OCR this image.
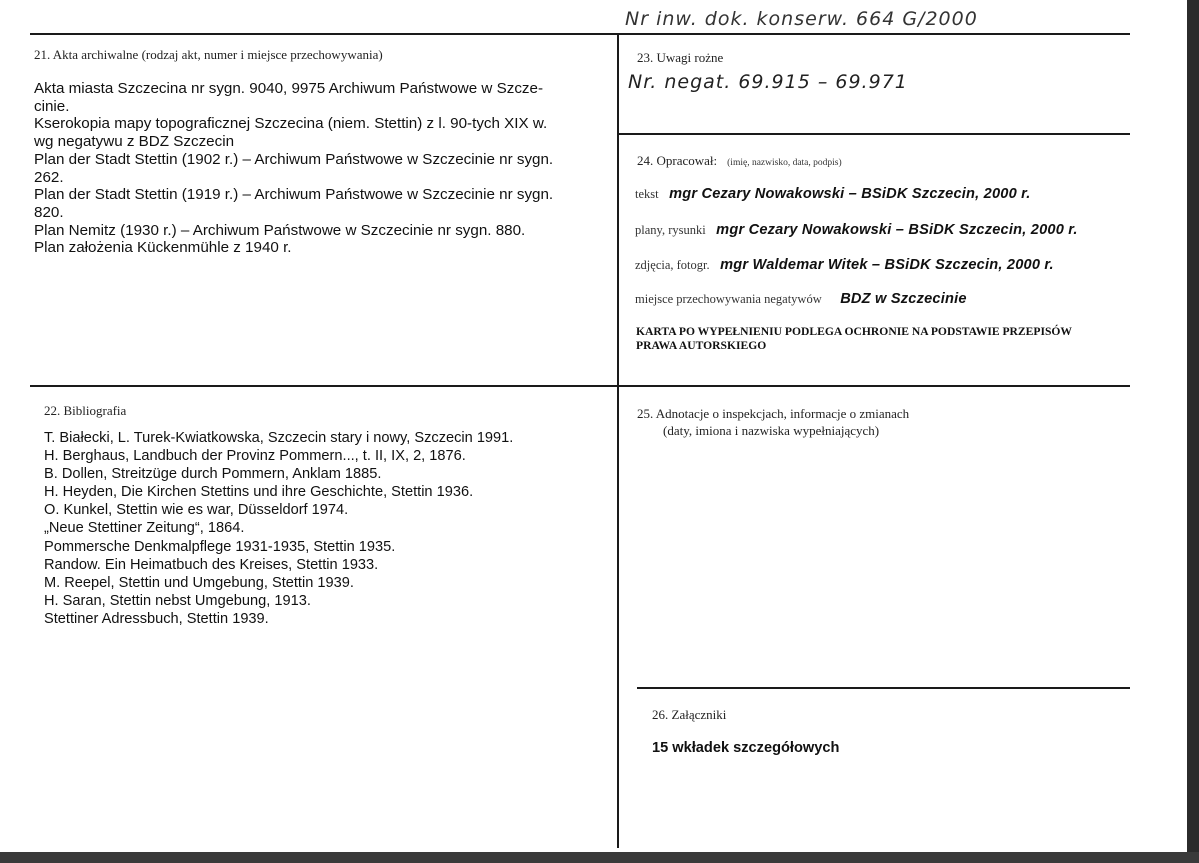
Nr inw. dok. konserw. 664 G/2000
21. Akta archiwalne (rodzaj akt, numer i miejsce przechowywania)
Akta miasta Szczecina nr sygn. 9040, 9975 Archiwum Państwowe w Szcze-
cinie.
Kserokopia mapy topograficznej Szczecina (niem. Stettin) z l. 90-tych XIX w.
wg negatywu z BDZ Szczecin
Plan der Stadt Stettin (1902 r.) – Archiwum Państwowe w Szczecinie nr sygn.
262.
Plan der Stadt Stettin (1919 r.) – Archiwum Państwowe w Szczecinie nr sygn.
820.
Plan Nemitz (1930 r.) – Archiwum Państwowe w Szczecinie nr sygn. 880.
Plan założenia Kückenmühle z 1940 r.
23. Uwagi rożne
Nr. negat. 69.915 – 69.971
24. Opracował: (imię, nazwisko, data, podpis)
tekst mgr Cezary Nowakowski – BSiDK Szczecin, 2000 r.
plany, rysunki mgr Cezary Nowakowski – BSiDK Szczecin, 2000 r.
zdjęcia, fotogr. mgr Waldemar Witek – BSiDK Szczecin, 2000 r.
miejsce przechowywania negatywów BDZ w Szczecinie
KARTA PO WYPEŁNIENIU PODLEGA OCHRONIE NA PODSTAWIE PRZEPISÓW
PRAWA AUTORSKIEGO
22. Bibliografia
T. Białecki, L. Turek-Kwiatkowska, Szczecin stary i nowy, Szczecin 1991.
H. Berghaus, Landbuch der Provinz Pommern..., t. II, IX, 2, 1876.
B. Dollen, Streitzüge durch Pommern, Anklam 1885.
H. Heyden, Die Kirchen Stettins und ihre Geschichte, Stettin 1936.
O. Kunkel, Stettin wie es war, Düsseldorf 1974.
„Neue Stettiner Zeitung“, 1864.
Pommersche Denkmalpflege 1931-1935, Stettin 1935.
Randow. Ein Heimatbuch des Kreises, Stettin 1933.
M. Reepel, Stettin und Umgebung, Stettin 1939.
H. Saran, Stettin nebst Umgebung, 1913.
Stettiner Adressbuch, Stettin 1939.
25. Adnotacje o inspekcjach, informacje o zmianach
(daty, imiona i nazwiska wypełniających)
26. Załączniki
15 wkładek szczegółowych
